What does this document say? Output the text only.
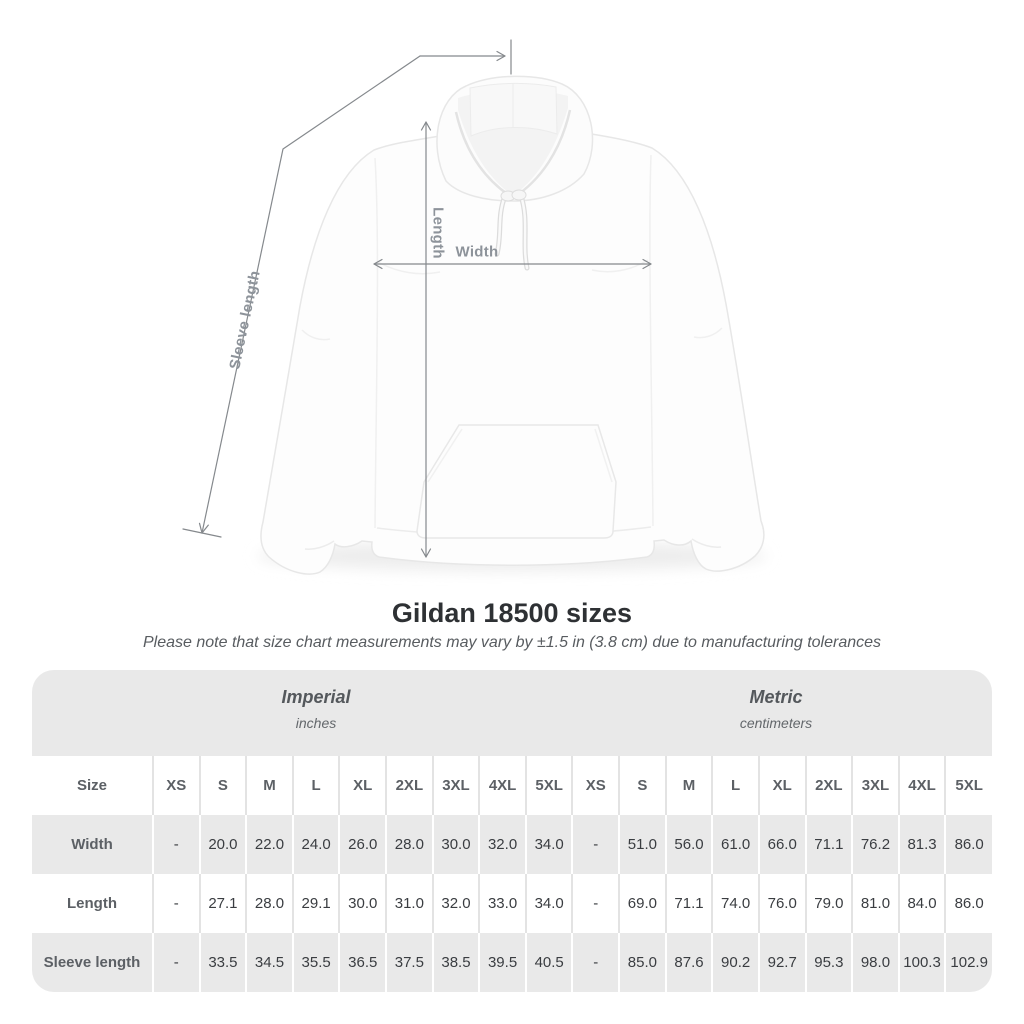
Sleeve length
Length Width
Gildan 18500 sizes

Please note that size chart measurements may vary by ±1.5 in (3.8 cm) due to manufacturing tolerances

Imperial
inches
Metric
centimeters
Size	XS	S	M	L	XL	2XL	3XL	4XL	5XL	XS	S	M	L	XL	2XL	3XL	4XL	5XL
Width	-	20.0	22.0	24.0	26.0	28.0	30.0	32.0	34.0	-	51.0	56.0	61.0	66.0	71.1	76.2	81.3	86.0
Length	-	27.1	28.0	29.1	30.0	31.0	32.0	33.0	34.0	-	69.0	71.1	74.0	76.0	79.0	81.0	84.0	86.0
Sleeve length	-	33.5	34.5	35.5	36.5	37.5	38.5	39.5	40.5	-	85.0	87.6	90.2	92.7	95.3	98.0	100.3	102.9
